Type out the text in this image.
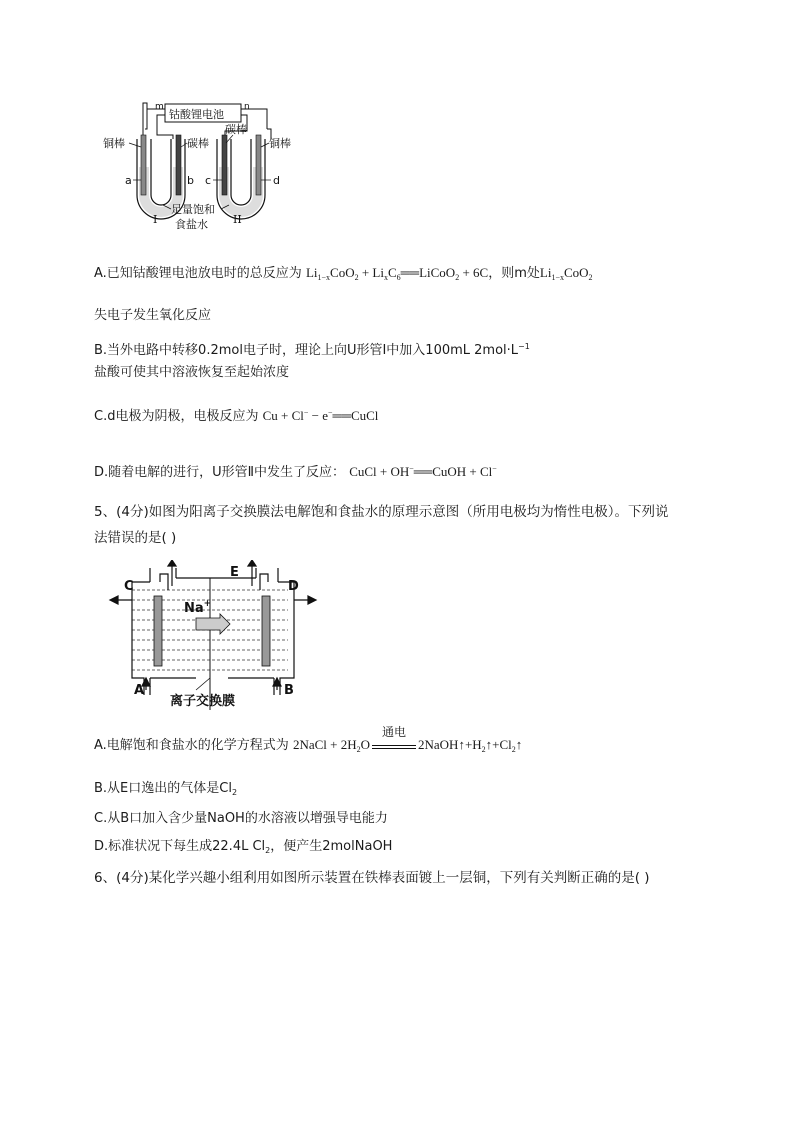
钴酸锂电池
m	n
铜棒	碳棒
碳棒
铜棒
a	b c	d
足量饱和
食盐水
I	II
A.已知钴酸锂电池放电时的总反应为 $Li_{1-x}CoO_2$ + $Li_xC_6══LiCoO_2 + 6C$，则m处$Li_{1-x}CoO_2$
失电子发生氧化反应
B.当外电路中转移0.2mol电子时，理论上向U形管Ⅰ中加入100mL $2mol\cdot L^{-1}$
盐酸可使其中溶液恢复至起始浓度
C.d电极为阴极，电极反应为 Cu + Cl− − e−══CuCl
D.随着电解的进行，U形管Ⅱ中发生了反应： CuCl + OH−══CuOH + Cl−
5、(4分)如图为阳离子交换膜法电解饱和食盐水的原理示意图（所用电极均为惰性电极）。下列说
法错误的是( )
Na+
C	D
E
A	B
离子交换膜
A.电解饱和食盐水的化学方程式为 2NaCl + $2H_2O$
通电
$2NaOH↑+H_2↑+Cl_2↑$
B.从E口逸出的气体是$Cl_2$
C.从B口加入含少量NaOH的水溶液以增强导电能力
D.标准状况下每生成22.4L $Cl_2$，便产生2molNaOH
6、(4分)某化学兴趣小组利用如图所示装置在铁棒表面镀上一层铜，下列有关判断正确的是( )
